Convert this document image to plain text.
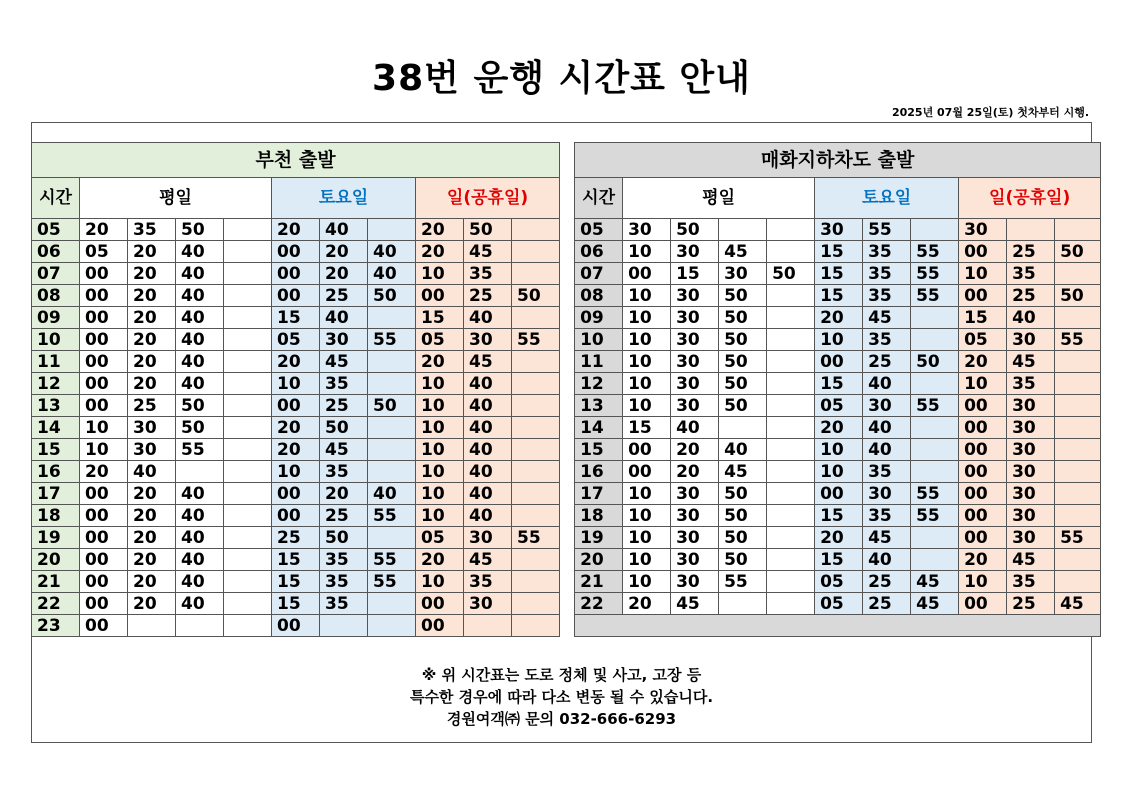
38번 운행 시간표 안내
2025년 07월 25일(토) 첫차부터 시행.
부천 출발												매화지하차도 출발										
시간	평일				토요일			일(공휴일)				시간	평일				토요일			일(공휴일)		
05	20	35	50		20	40		20	50			05	30	50			30	55		30		
06	05	20	40		00	20	40	20	45			06	10	30	45		15	35	55	00	25	50
07	00	20	40		00	20	40	10	35			07	00	15	30	50	15	35	55	10	35	
08	00	20	40		00	25	50	00	25	50		08	10	30	50		15	35	55	00	25	50
09	00	20	40		15	40		15	40			09	10	30	50		20	45		15	40	
10	00	20	40		05	30	55	05	30	55		10	10	30	50		10	35		05	30	55
11	00	20	40		20	45		20	45			11	10	30	50		00	25	50	20	45	
12	00	20	40		10	35		10	40			12	10	30	50		15	40		10	35	
13	00	25	50		00	25	50	10	40			13	10	30	50		05	30	55	00	30	
14	10	30	50		20	50		10	40			14	15	40			20	40		00	30	
15	10	30	55		20	45		10	40			15	00	20	40		10	40		00	30	
16	20	40			10	35		10	40			16	00	20	45		10	35		00	30	
17	00	20	40		00	20	40	10	40			17	10	30	50		00	30	55	00	30	
18	00	20	40		00	25	55	10	40			18	10	30	50		15	35	55	00	30	
19	00	20	40		25	50		05	30	55		19	10	30	50		20	45		00	30	55
20	00	20	40		15	35	55	20	45			20	10	30	50		15	40		20	45	
21	00	20	40		15	35	55	10	35			21	10	30	55		05	25	45	10	35	
22	00	20	40		15	35		00	30			22	20	45			05	25	45	00	25	45
23	00				00			00														
※ 위 시간표는 도로 정체 및 사고, 고장 등
특수한 경우에 따라 다소 변동 될 수 있습니다.
경원여객㈜ 문의 032-666-6293
